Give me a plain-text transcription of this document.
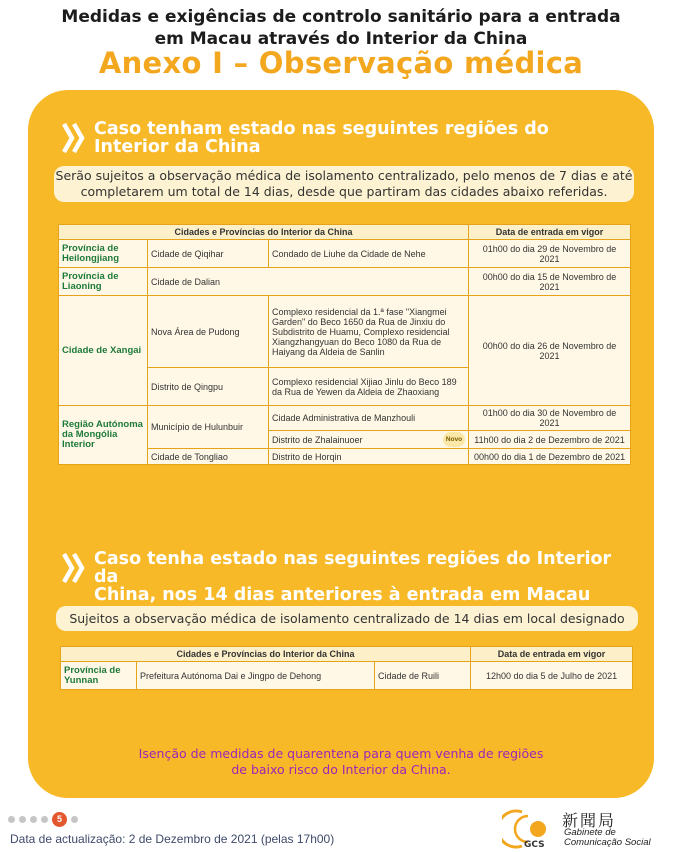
Medidas e exigências de controlo sanitário para a entrada
em Macau através do Interior da China
Anexo I – Observação médica
Caso tenham estado nas seguintes regiões do
Interior da China
Serão sujeitos a observação médica de isolamento centralizado, pelo menos de 7 dias e até
completarem um total de 14 dias, desde que partiram das cidades abaixo referidas.
Cidades e Províncias do Interior da China			Data de entrada em vigor
Província de Heilongjiang	Cidade de Qiqihar	Condado de Liuhe da Cidade de Nehe	01h00 do dia 29 de Novembro de 2021
Província de Liaoning	Cidade de Dalian		00h00 do dia 15 de Novembro de 2021
Cidade de Xangai	Nova Área de Pudong	Complexo residencial da 1.ª fase "Xiangmei Garden" do Beco 1650 da Rua de Jinxiu do Subdistrito de Huamu, Complexo residencial Xiangzhangyuan do Beco 1080 da Rua de Haiyang da Aldeia de Sanlin	00h00 do dia 26 de Novembro de 2021
	Distrito de Qingpu	Complexo residencial Xijiao Jinlu do Beco 189 da Rua de Yewen da Aldeia de Zhaoxiang	
Região Autónoma da Mongólia Interior	Município de Hulunbuir	Cidade Administrativa de Manzhouli	01h00 do dia 30 de Novembro de 2021
		Distrito de Zhalainuoer Novo	11h00 do dia 2 de Dezembro de 2021
	Cidade de Tongliao	Distrito de Horqin	00h00 do dia 1 de Dezembro de 2021
Caso tenha estado nas seguintes regiões do Interior da
China, nos 14 dias anteriores à entrada em Macau
Sujeitos a observação médica de isolamento centralizado de 14 dias em local designado
Cidades e Províncias do Interior da China			Data de entrada em vigor
Província de Yunnan	Prefeitura Autónoma Dai e Jingpo de Dehong	Cidade de Ruili	12h00 do dia 5 de Julho de 2021
Isenção de medidas de quarentena para quem venha de regiões
de baixo risco do Interior da China.
5
Data de actualização: 2 de Dezembro de 2021 (pelas 17h00)	GCS
新聞局
Gabinete de
Comunicação Social
